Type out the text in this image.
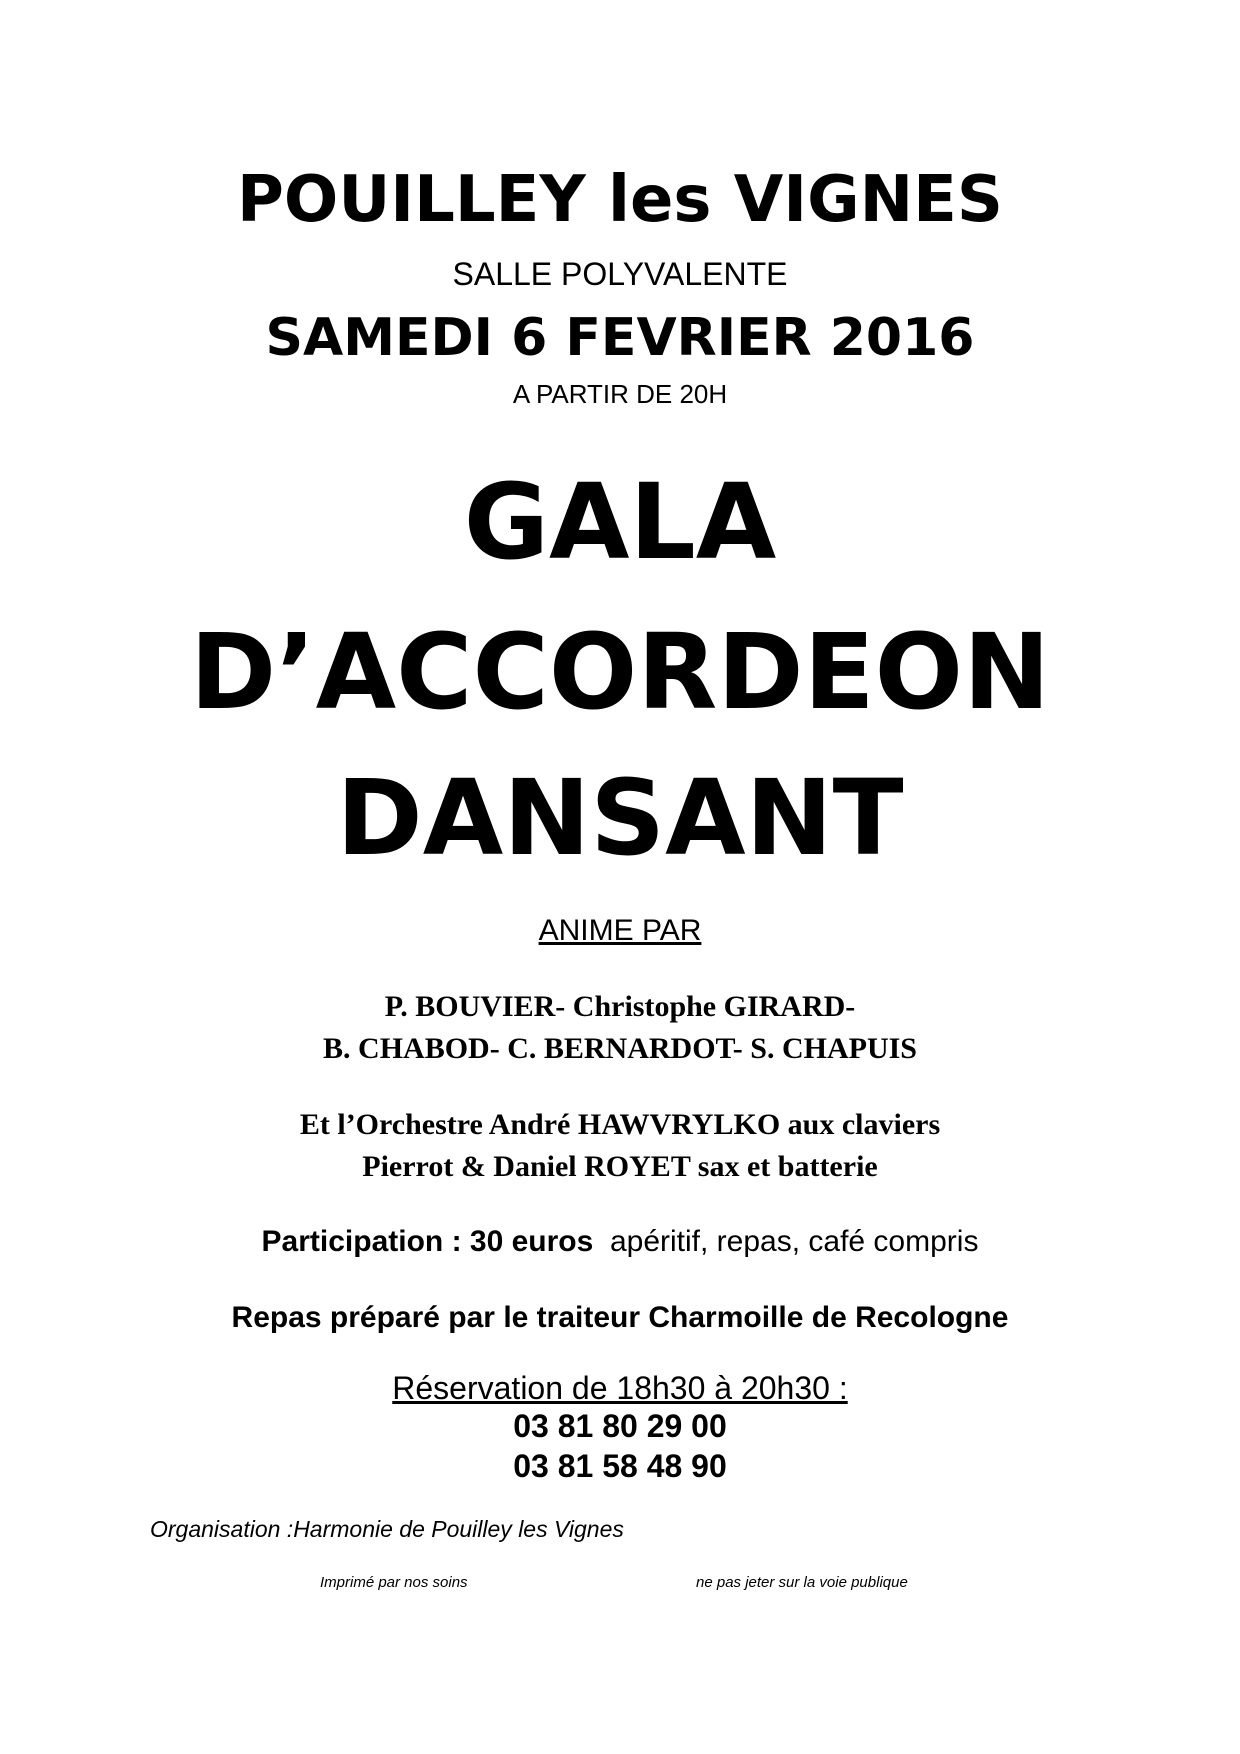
POUILLEY les VIGNES
SALLE POLYVALENTE
SAMEDI 6 FEVRIER 2016
A PARTIR DE 20H
GALA
D’ACCORDEON
DANSANT
ANIME PAR
P. BOUVIER- Christophe GIRARD-
B. CHABOD- C. BERNARDOT- S. CHAPUIS
Et l’Orchestre André HAWVRYLKO aux claviers
Pierrot & Daniel ROYET sax et batterie
Participation : 30 euros apéritif, repas, café compris
Repas préparé par le traiteur Charmoille de Recologne
Réservation de 18h30 à 20h30 :
03 81 80 29 00
03 81 58 48 90
Organisation :Harmonie de Pouilley les Vignes
Imprimé par nos soins	ne pas jeter sur la voie publique
